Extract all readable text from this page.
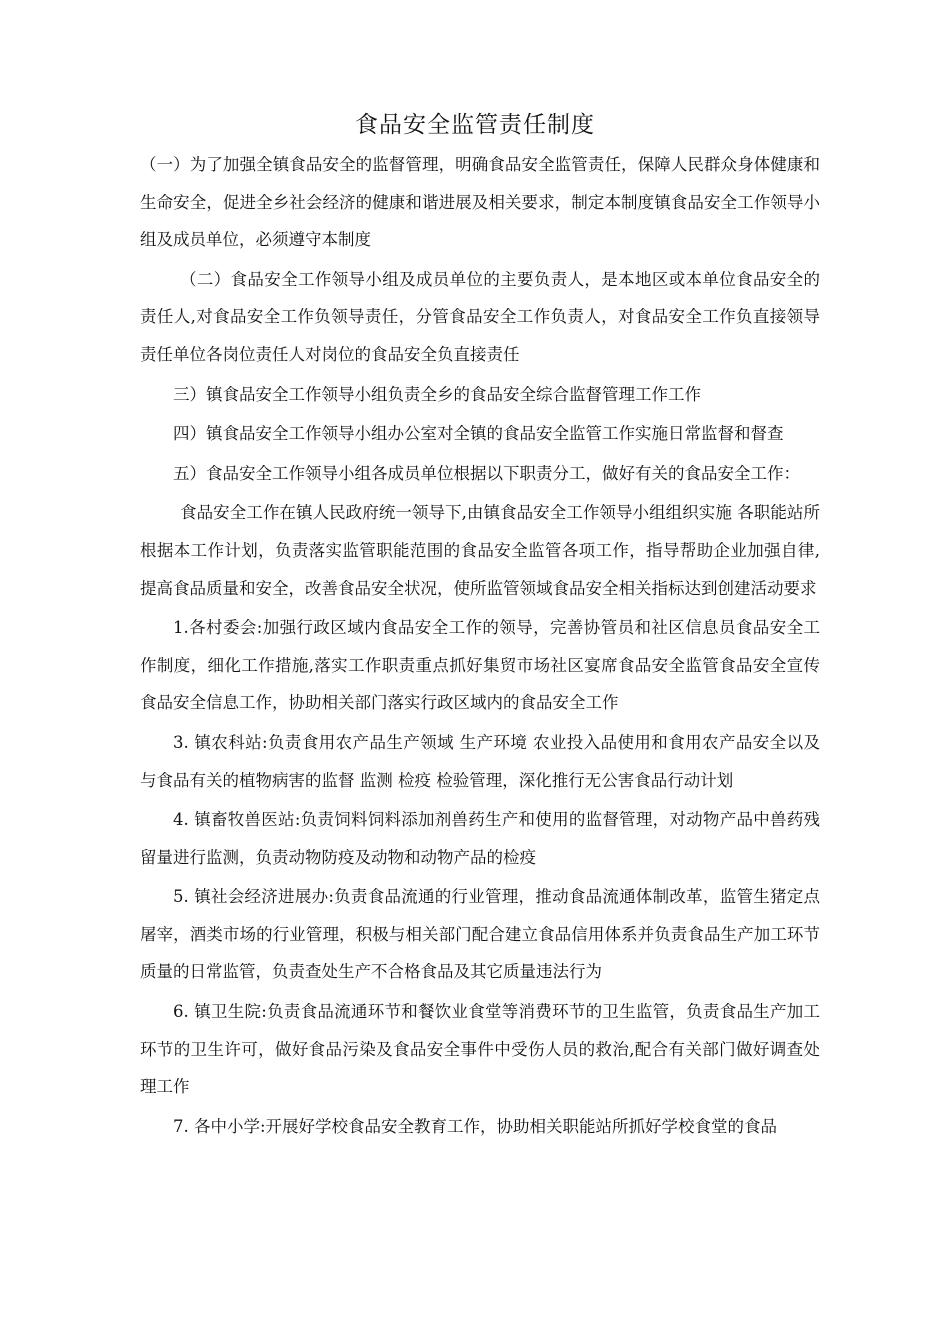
食品安全监管责任制度

（一）为了加强全镇食品安全的监督管理，明确食品安全监管责任，保障人民群众身体健康和生命安全，促进全乡社会经济的健康和谐进展及相关要求，制定本制度镇食品安全工作领导小组及成员单位，必须遵守本制度

（二）食品安全工作领导小组及成员单位的主要负责人，是本地区或本单位食品安全的责任人,对食品安全工作负领导责任，分管食品安全工作负责人，对食品安全工作负直接领导责任单位各岗位责任人对岗位的食品安全负直接责任

三）镇食品安全工作领导小组负责全乡的食品安全综合监督管理工作工作

四）镇食品安全工作领导小组办公室对全镇的食品安全监管工作实施日常监督和督查

五）食品安全工作领导小组各成员单位根据以下职责分工，做好有关的食品安全工作：

食品安全工作在镇人民政府统一领导下,由镇食品安全工作领导小组组织实施 各职能站所根据本工作计划，负责落实监管职能范围的食品安全监管各项工作，指导帮助企业加强自律,提高食品质量和安全，改善食品安全状况，使所监管领域食品安全相关指标达到创建活动要求

1.各村委会:加强行政区域内食品安全工作的领导，完善协管员和社区信息员食品安全工作制度，细化工作措施,落实工作职责重点抓好集贸市场社区宴席食品安全监管食品安全宣传 食品安全信息工作，协助相关部门落实行政区域内的食品安全工作

3. 镇农科站:负责食用农产品生产领域 生产环境 农业投入品使用和食用农产品安全以及与食品有关的植物病害的监督 监测 检疫 检验管理，深化推行无公害食品行动计划

4. 镇畜牧兽医站:负责饲料饲料添加剂兽药生产和使用的监督管理，对动物产品中兽药残留量进行监测，负责动物防疫及动物和动物产品的检疫

5. 镇社会经济进展办:负责食品流通的行业管理，推动食品流通体制改革，监管生猪定点屠宰，酒类市场的行业管理，积极与相关部门配合建立食品信用体系并负责食品生产加工环节质量的日常监管，负责查处生产不合格食品及其它质量违法行为

6. 镇卫生院:负责食品流通环节和餐饮业食堂等消费环节的卫生监管，负责食品生产加工环节的卫生许可，做好食品污染及食品安全事件中受伤人员的救治,配合有关部门做好调查处理工作

7. 各中小学:开展好学校食品安全教育工作，协助相关职能站所抓好学校食堂的食品
